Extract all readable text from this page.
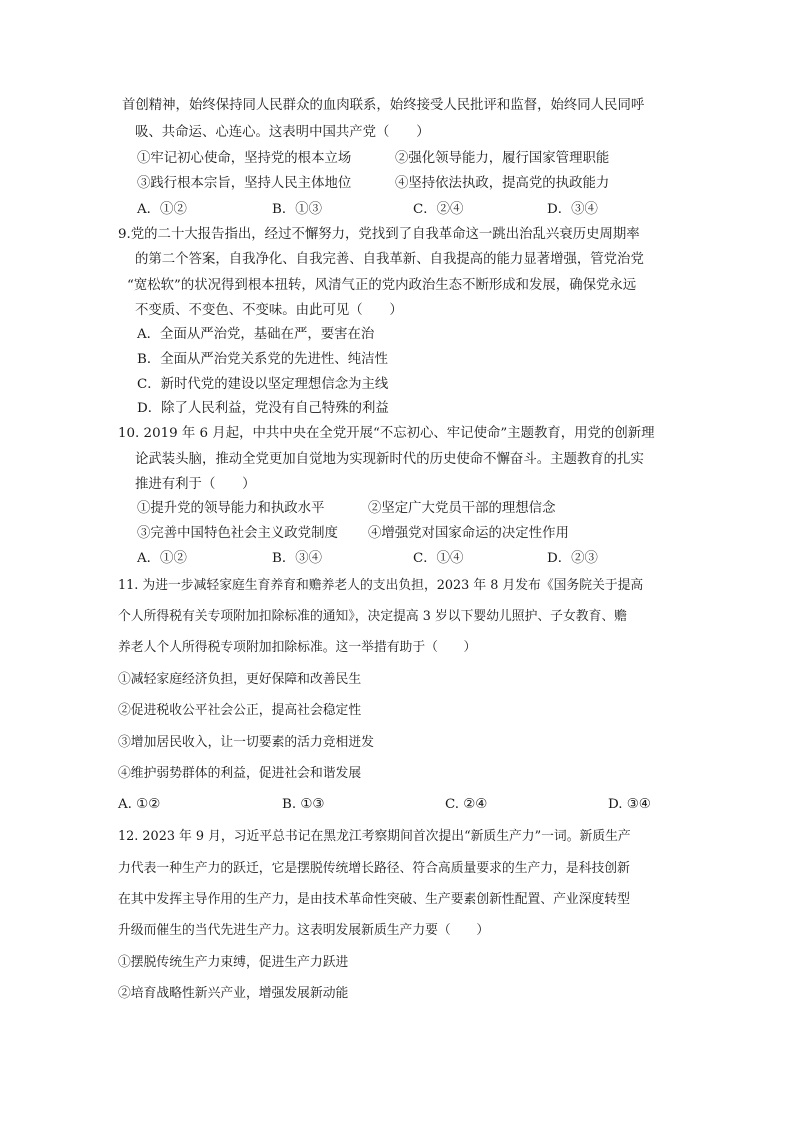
首创精神，始终保持同人民群众的血肉联系，始终接受人民批评和监督，始终同人民同呼
吸、共命运、心连心。这表明中国共产党（　　）
①牢记初心使命，坚持党的根本立场	②强化领导能力，履行国家管理职能
③践行根本宗旨，坚持人民主体地位	④坚持依法执政，提高党的执政能力
A．①②	B．①③	C．②④	D．③④
9.党的二十大报告指出，经过不懈努力，党找到了自我革命这一跳出治乱兴衰历史周期率
的第二个答案，自我净化、自我完善、自我革新、自我提高的能力显著增强，管党治党
“宽松软”的状况得到根本扭转，风清气正的党内政治生态不断形成和发展，确保党永远
不变质、不变色、不变味。由此可见（　　）
A．全面从严治党，基础在严，要害在治
B．全面从严治党关系党的先进性、纯洁性
C．新时代党的建设以坚定理想信念为主线
D．除了人民利益，党没有自己特殊的利益
10. 2019 年 6 月起，中共中央在全党开展“不忘初心、牢记使命”主题教育，用党的创新理
论武装头脑，推动全党更加自觉地为实现新时代的历史使命不懈奋斗。主题教育的扎实
推进有利于（　　）
①提升党的领导能力和执政水平	②坚定广大党员干部的理想信念
③完善中国特色社会主义政党制度 ④增强党对国家命运的决定性作用
A．①②	B．③④	C．①④	D．②③
11. 为进一步减轻家庭生育养育和赡养老人的支出负担，2023 年 8 月发布《国务院关于提高
个人所得税有关专项附加扣除标准的通知》，决定提高 3 岁以下婴幼儿照护、子女教育、赡
养老人个人所得税专项附加扣除标准。这一举措有助于（　　）
①减轻家庭经济负担，更好保障和改善民生
②促进税收公平社会公正，提高社会稳定性
③增加居民收入，让一切要素的活力竞相迸发
④维护弱势群体的利益，促进社会和谐发展
A. ①②	B. ①③	C. ②④	D. ③④
12. 2023 年 9 月，习近平总书记在黑龙江考察期间首次提出“新质生产力”一词。新质生产
力代表一种生产力的跃迁，它是摆脱传统增长路径、符合高质量要求的生产力，是科技创新
在其中发挥主导作用的生产力，是由技术革命性突破、生产要素创新性配置、产业深度转型
升级而催生的当代先进生产力。这表明发展新质生产力要（　　）
①摆脱传统生产力束缚，促进生产力跃进
②培育战略性新兴产业，增强发展新动能
